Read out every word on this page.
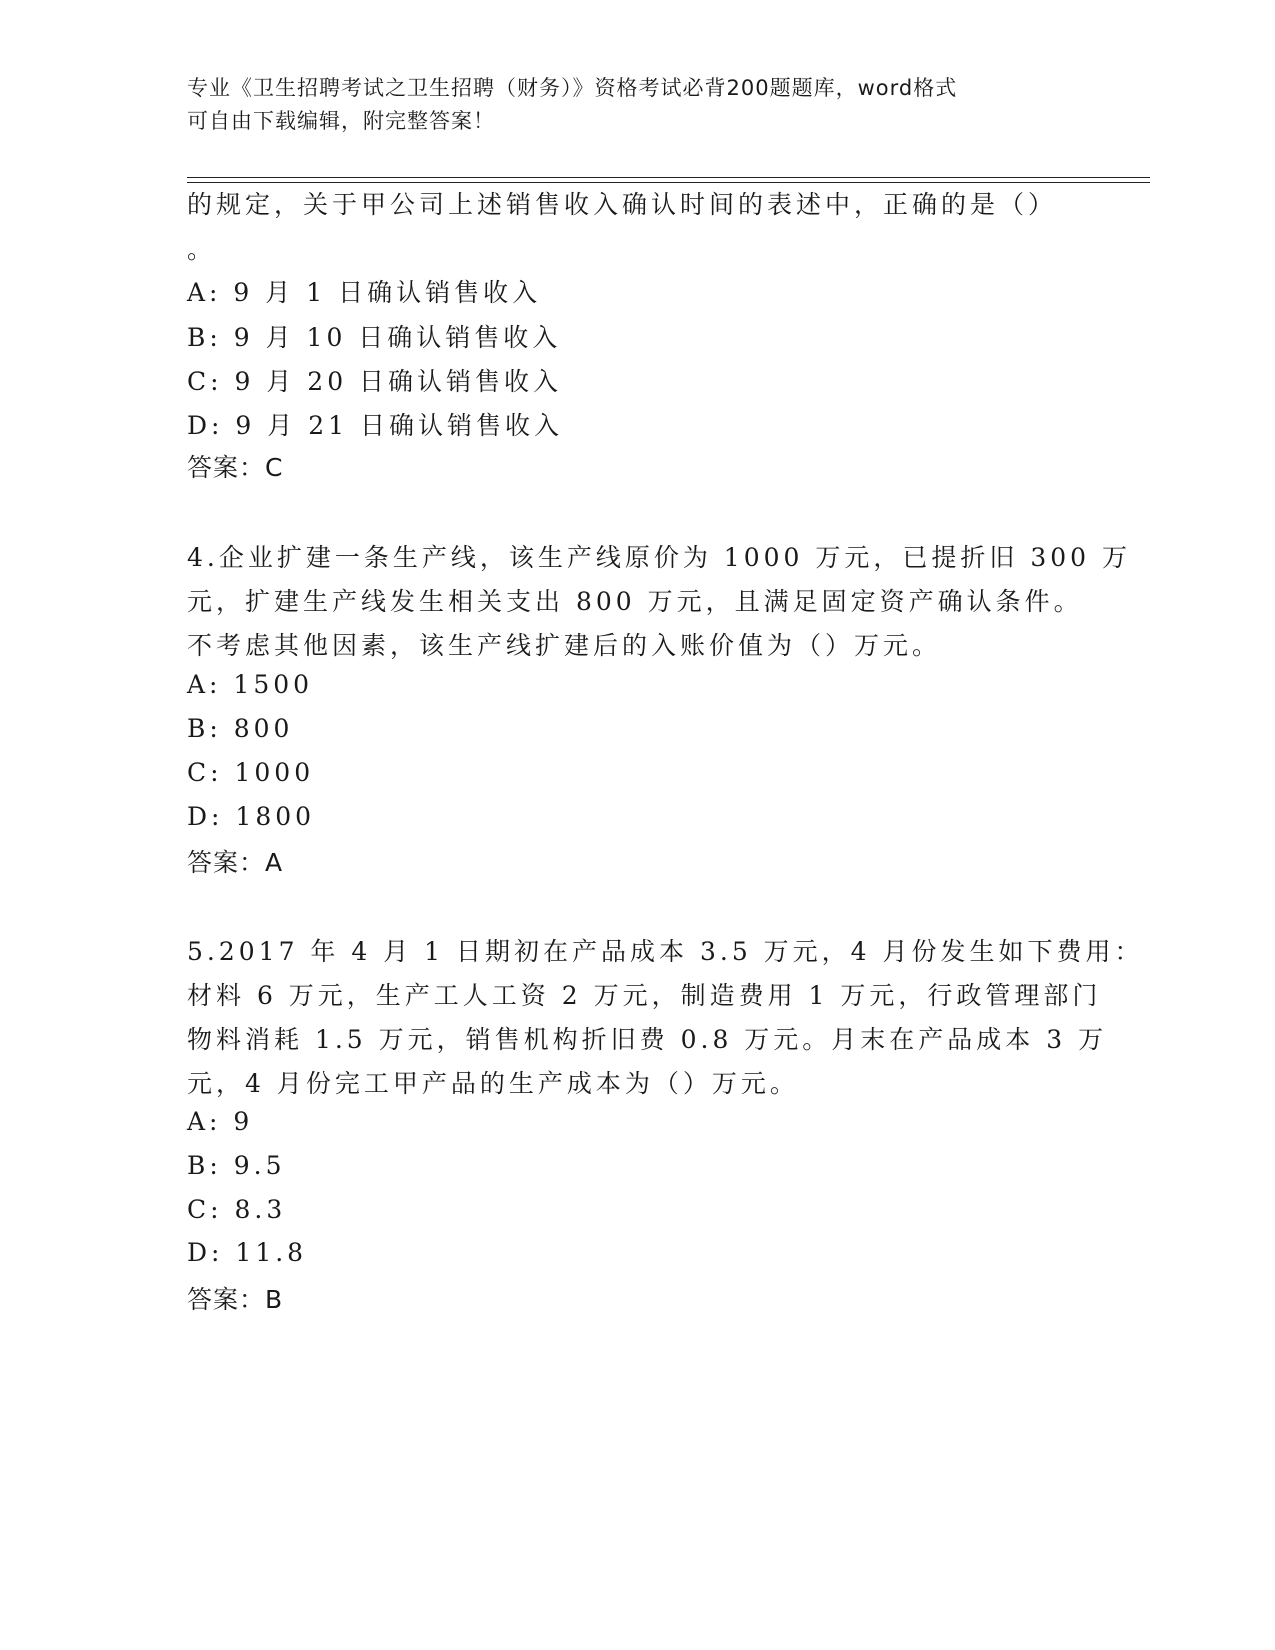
专业《卫生招聘考试之卫生招聘（财务）》资格考试必背200题题库，word格式
可自由下载编辑，附完整答案！
的规定，关于甲公司上述销售收入确认时间的表述中，正确的是（）
。
A: 9 月 1 日确认销售收入
B: 9 月 10 日确认销售收入
C: 9 月 20 日确认销售收入
D: 9 月 21 日确认销售收入
答案：C
4.企业扩建一条生产线，该生产线原价为 1000 万元，已提折旧 300 万
元，扩建生产线发生相关支出 800 万元，且满足固定资产确认条件。
不考虑其他因素，该生产线扩建后的入账价值为（）万元。
A: 1500
B: 800
C: 1000
D: 1800
答案：A
5.2017 年 4 月 1 日期初在产品成本 3.5 万元，4 月份发生如下费用：
材料 6 万元，生产工人工资 2 万元，制造费用 1 万元，行政管理部门
物料消耗 1.5 万元，销售机构折旧费 0.8 万元。月末在产品成本 3 万
元，4 月份完工甲产品的生产成本为（）万元。
A: 9
B: 9.5
C: 8.3
D: 11.8
答案：B
